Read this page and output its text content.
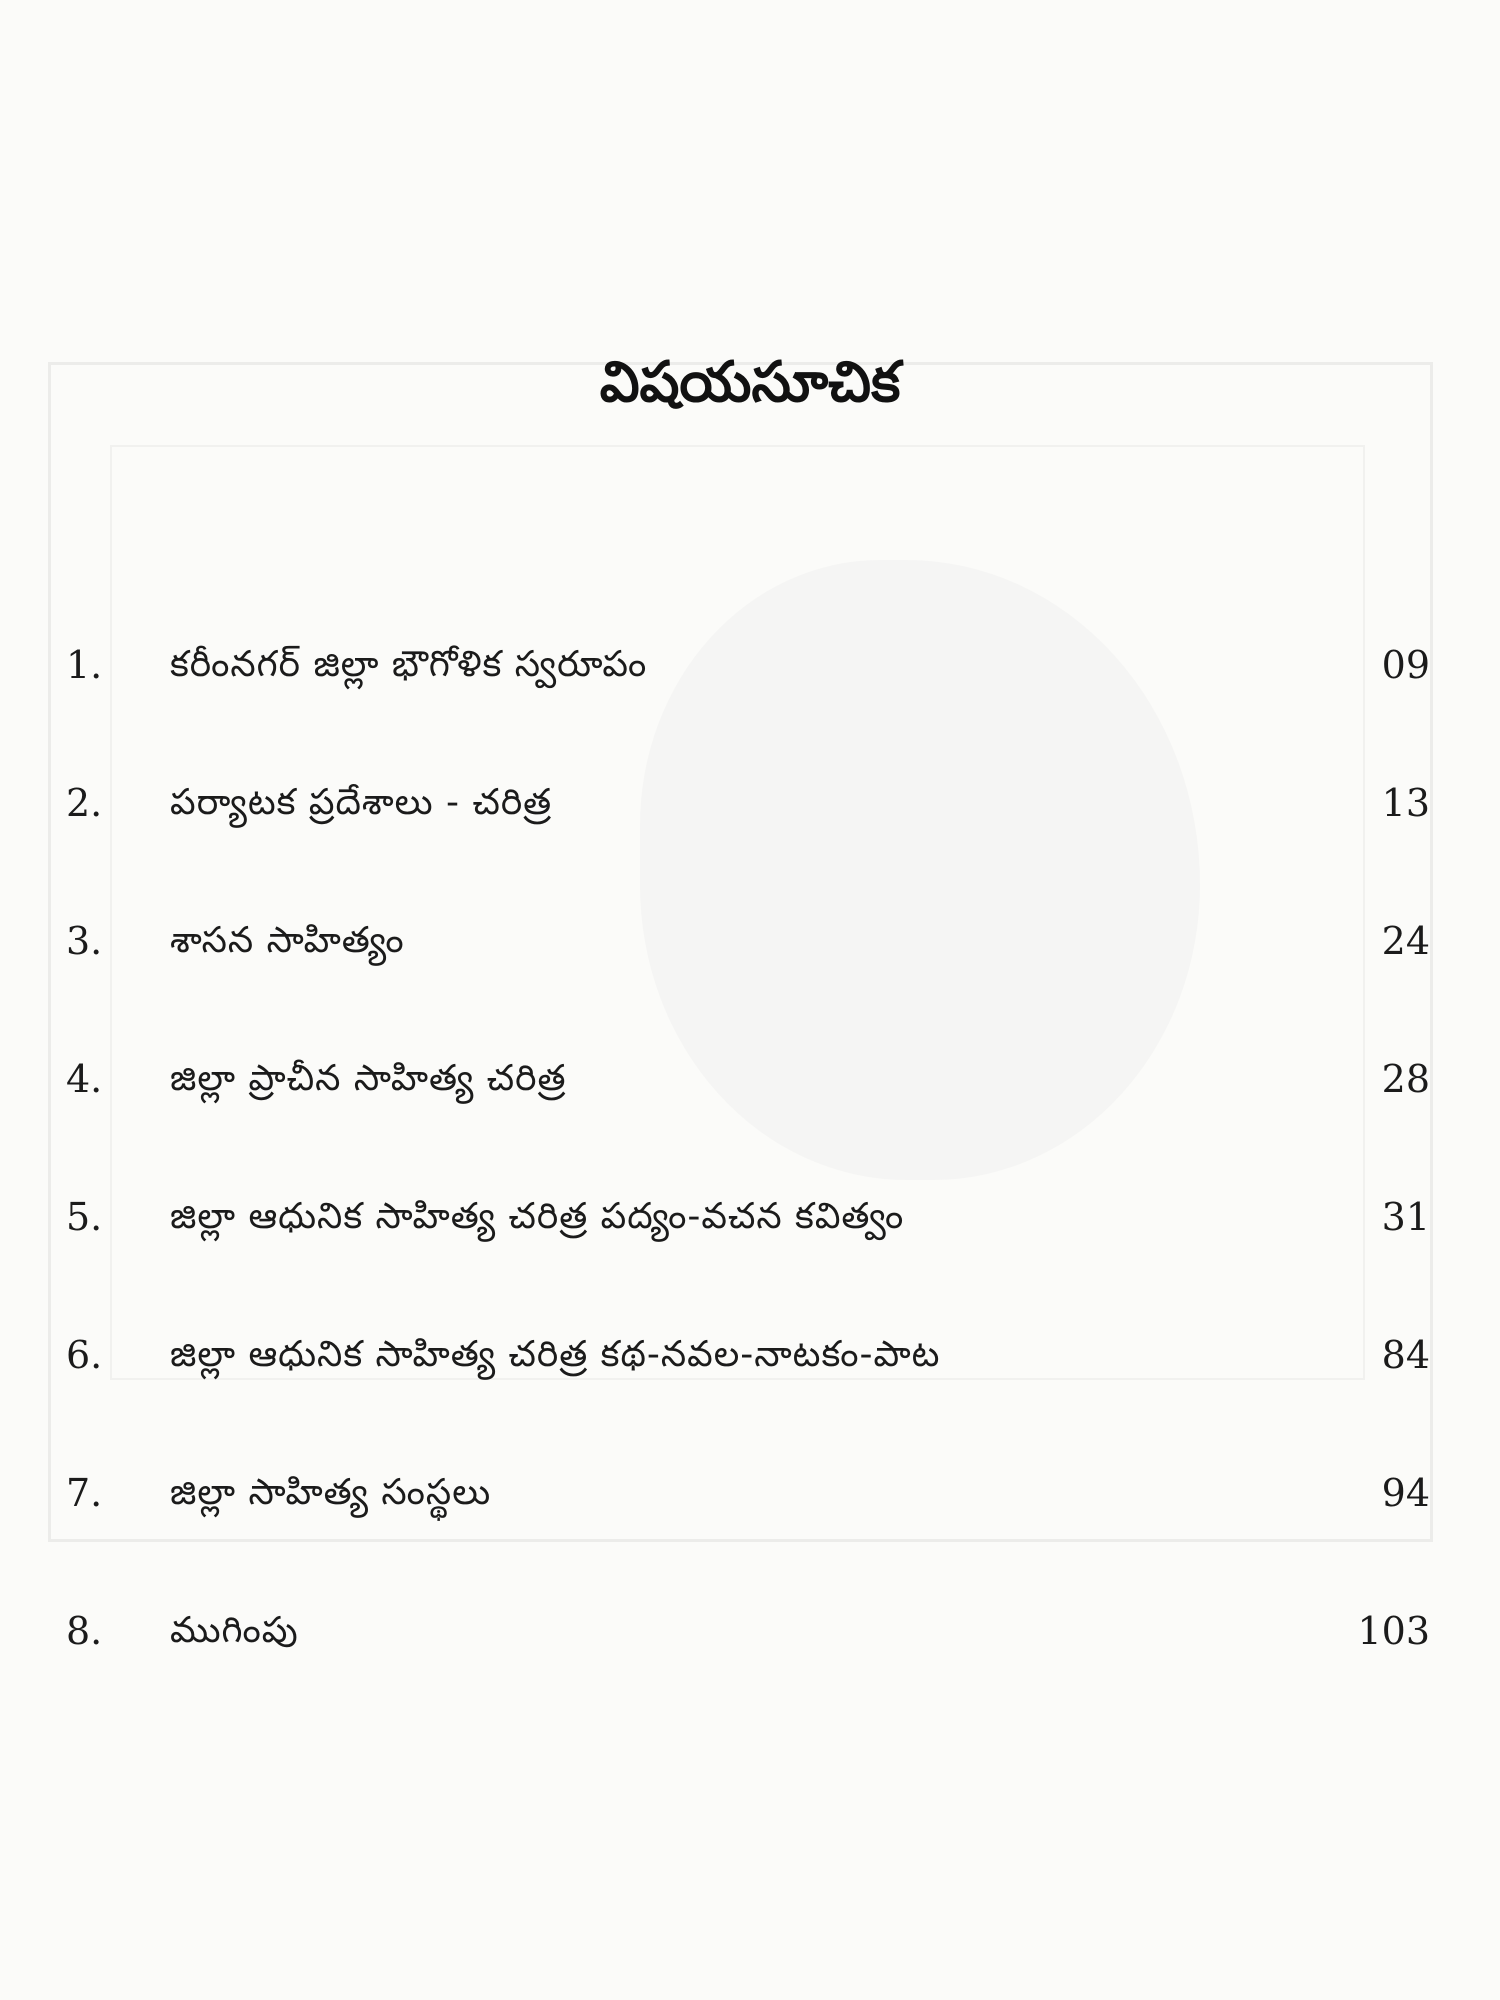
విషయసూచిక
1. కరీంనగర్ జిల్లా భౌగోళిక స్వరూపం	09
2. పర్యాటక ప్రదేశాలు - చరిత్ర	13
3. శాసన సాహిత్యం	24
4. జిల్లా ప్రాచీన సాహిత్య చరిత్ర	28
5. జిల్లా ఆధునిక సాహిత్య చరిత్ర పద్యం-వచన కవిత్వం	31
6. జిల్లా ఆధునిక సాహిత్య చరిత్ర కథ-నవల-నాటకం-పాట	84
7. జిల్లా సాహిత్య సంస్థలు	94
8. ముగింపు	103
